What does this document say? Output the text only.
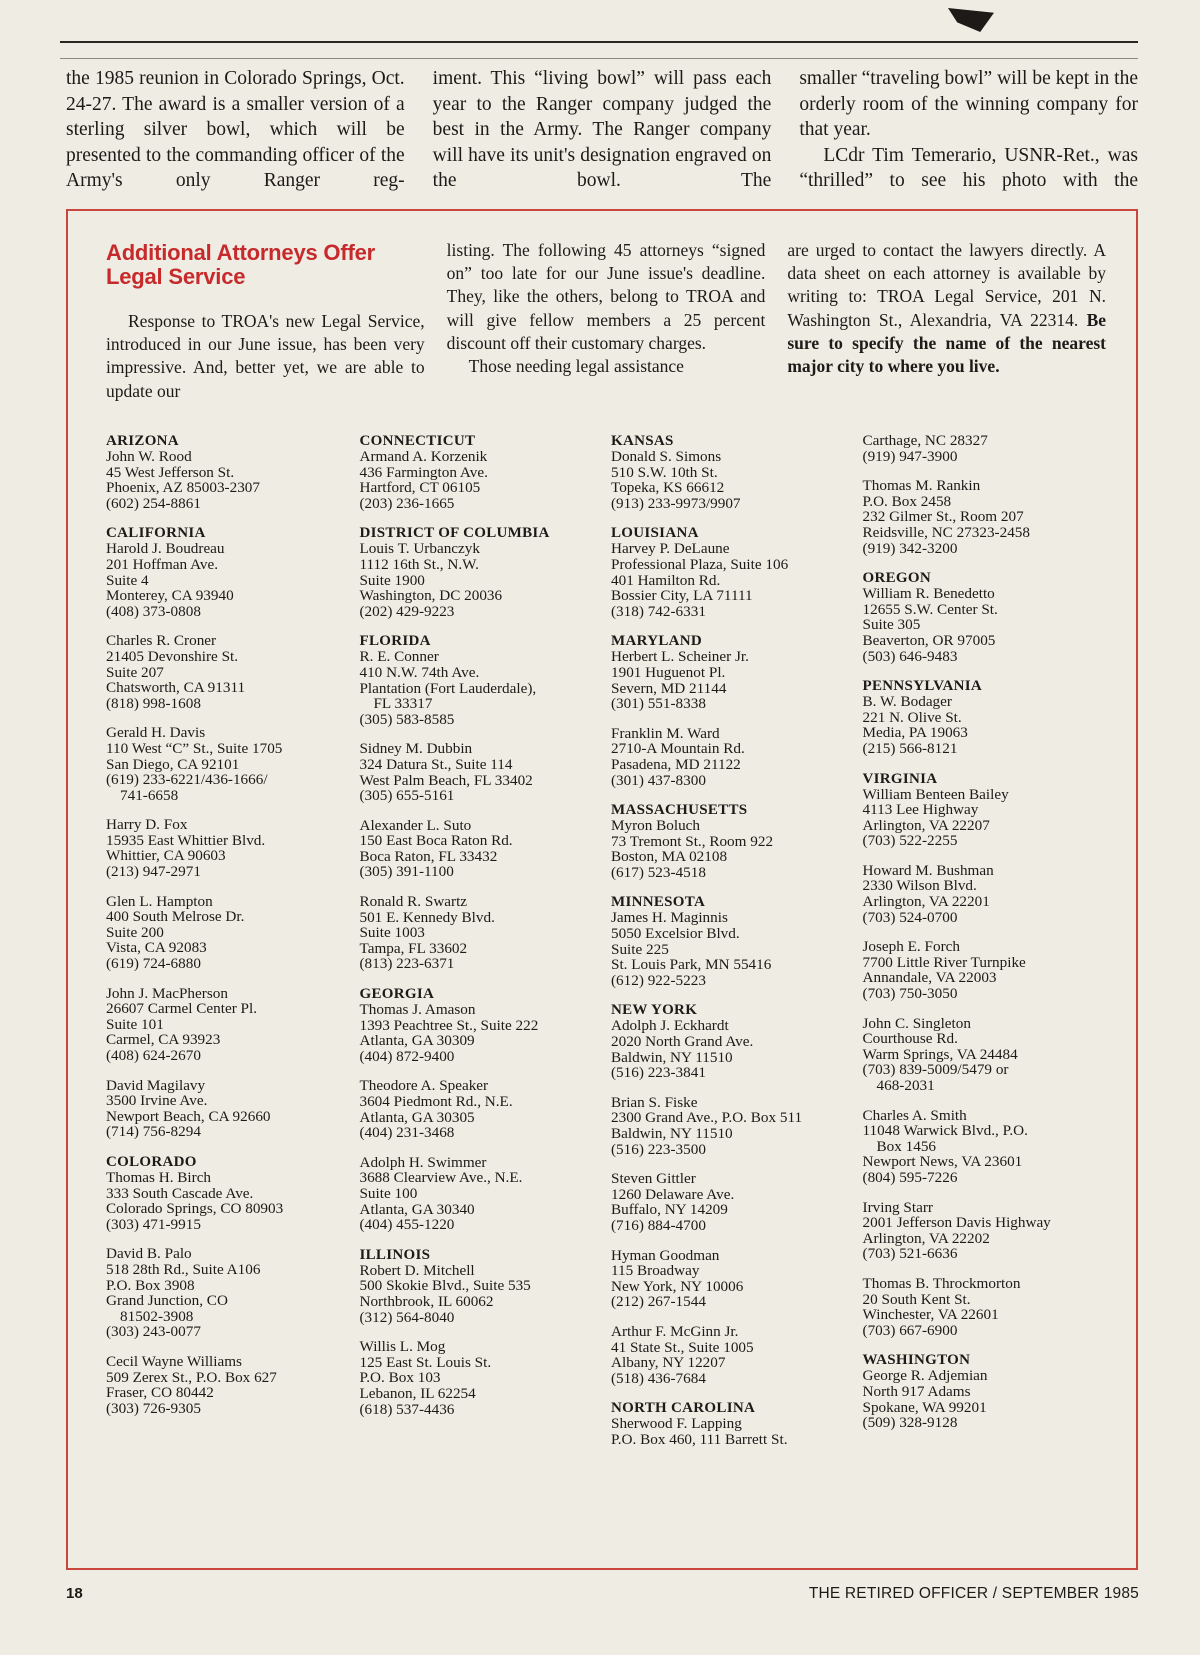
the 1985 reunion in Colorado Springs, Oct. 24-27. The award is a smaller version of a sterling silver bowl, which will be presented to the commanding officer of the Army's only Ranger reg-

iment. This “living bowl” will pass each year to the Ranger company judged the best in the Army. The Ranger company will have its unit's designation engraved on the bowl. The

smaller “traveling bowl” will be kept in the orderly room of the winning company for that year.

LCdr Tim Temerario, USNR-Ret., was “thrilled” to see his photo with the

Additional Attorneys Offer Legal Service

Response to TROA's new Legal Service, introduced in our June issue, has been very impressive. And, better yet, we are able to update our

listing. The following 45 attorneys “signed on” too late for our June issue's deadline. They, like the others, belong to TROA and will give fellow members a 25 percent discount off their customary charges.

Those needing legal assistance

are urged to contact the lawyers directly. A data sheet on each attorney is available by writing to: TROA Legal Service, 201 N. Washington St., Alexandria, VA 22314. Be sure to specify the name of the nearest major city to where you live.

ARIZONA
John W. Rood
45 West Jefferson St.
Phoenix, AZ 85003-2307
(602) 254-8861
CALIFORNIA
Harold J. Boudreau
201 Hoffman Ave.
Suite 4
Monterey, CA 93940
(408) 373-0808
Charles R. Croner
21405 Devonshire St.
Suite 207
Chatsworth, CA 91311
(818) 998-1608
Gerald H. Davis
110 West “C” St., Suite 1705
San Diego, CA 92101
(619) 233-6221/436-1666/
741-6658
Harry D. Fox
15935 East Whittier Blvd.
Whittier, CA 90603
(213) 947-2971
Glen L. Hampton
400 South Melrose Dr.
Suite 200
Vista, CA 92083
(619) 724-6880
John J. MacPherson
26607 Carmel Center Pl.
Suite 101
Carmel, CA 93923
(408) 624-2670
David Magilavy
3500 Irvine Ave.
Newport Beach, CA 92660
(714) 756-8294
COLORADO
Thomas H. Birch
333 South Cascade Ave.
Colorado Springs, CO 80903
(303) 471-9915
David B. Palo
518 28th Rd., Suite A106
P.O. Box 3908
Grand Junction, CO
81502-3908
(303) 243-0077
Cecil Wayne Williams
509 Zerex St., P.O. Box 627
Fraser, CO 80442
(303) 726-9305
CONNECTICUT
Armand A. Korzenik
436 Farmington Ave.
Hartford, CT 06105
(203) 236-1665
DISTRICT OF COLUMBIA
Louis T. Urbanczyk
1112 16th St., N.W.
Suite 1900
Washington, DC 20036
(202) 429-9223
FLORIDA
R. E. Conner
410 N.W. 74th Ave.
Plantation (Fort Lauderdale),
FL 33317
(305) 583-8585
Sidney M. Dubbin
324 Datura St., Suite 114
West Palm Beach, FL 33402
(305) 655-5161
Alexander L. Suto
150 East Boca Raton Rd.
Boca Raton, FL 33432
(305) 391-1100
Ronald R. Swartz
501 E. Kennedy Blvd.
Suite 1003
Tampa, FL 33602
(813) 223-6371
GEORGIA
Thomas J. Amason
1393 Peachtree St., Suite 222
Atlanta, GA 30309
(404) 872-9400
Theodore A. Speaker
3604 Piedmont Rd., N.E.
Atlanta, GA 30305
(404) 231-3468
Adolph H. Swimmer
3688 Clearview Ave., N.E.
Suite 100
Atlanta, GA 30340
(404) 455-1220
ILLINOIS
Robert D. Mitchell
500 Skokie Blvd., Suite 535
Northbrook, IL 60062
(312) 564-8040
Willis L. Mog
125 East St. Louis St.
P.O. Box 103
Lebanon, IL 62254
(618) 537-4436
KANSAS
Donald S. Simons
510 S.W. 10th St.
Topeka, KS 66612
(913) 233-9973/9907
LOUISIANA
Harvey P. DeLaune
Professional Plaza, Suite 106
401 Hamilton Rd.
Bossier City, LA 71111
(318) 742-6331
MARYLAND
Herbert L. Scheiner Jr.
1901 Huguenot Pl.
Severn, MD 21144
(301) 551-8338
Franklin M. Ward
2710-A Mountain Rd.
Pasadena, MD 21122
(301) 437-8300
MASSACHUSETTS
Myron Boluch
73 Tremont St., Room 922
Boston, MA 02108
(617) 523-4518
MINNESOTA
James H. Maginnis
5050 Excelsior Blvd.
Suite 225
St. Louis Park, MN 55416
(612) 922-5223
NEW YORK
Adolph J. Eckhardt
2020 North Grand Ave.
Baldwin, NY 11510
(516) 223-3841
Brian S. Fiske
2300 Grand Ave., P.O. Box 511
Baldwin, NY 11510
(516) 223-3500
Steven Gittler
1260 Delaware Ave.
Buffalo, NY 14209
(716) 884-4700
Hyman Goodman
115 Broadway
New York, NY 10006
(212) 267-1544
Arthur F. McGinn Jr.
41 State St., Suite 1005
Albany, NY 12207
(518) 436-7684
NORTH CAROLINA
Sherwood F. Lapping
P.O. Box 460, 111 Barrett St.
Carthage, NC 28327
(919) 947-3900
Thomas M. Rankin
P.O. Box 2458
232 Gilmer St., Room 207
Reidsville, NC 27323-2458
(919) 342-3200
OREGON
William R. Benedetto
12655 S.W. Center St.
Suite 305
Beaverton, OR 97005
(503) 646-9483
PENNSYLVANIA
B. W. Bodager
221 N. Olive St.
Media, PA 19063
(215) 566-8121
VIRGINIA
William Benteen Bailey
4113 Lee Highway
Arlington, VA 22207
(703) 522-2255
Howard M. Bushman
2330 Wilson Blvd.
Arlington, VA 22201
(703) 524-0700
Joseph E. Forch
7700 Little River Turnpike
Annandale, VA 22003
(703) 750-3050
John C. Singleton
Courthouse Rd.
Warm Springs, VA 24484
(703) 839-5009/5479 or
468-2031
Charles A. Smith
11048 Warwick Blvd., P.O.
Box 1456
Newport News, VA 23601
(804) 595-7226
Irving Starr
2001 Jefferson Davis Highway
Arlington, VA 22202
(703) 521-6636
Thomas B. Throckmorton
20 South Kent St.
Winchester, VA 22601
(703) 667-6900
WASHINGTON
George R. Adjemian
North 917 Adams
Spokane, WA 99201
(509) 328-9128
18	THE RETIRED OFFICER / SEPTEMBER 1985
